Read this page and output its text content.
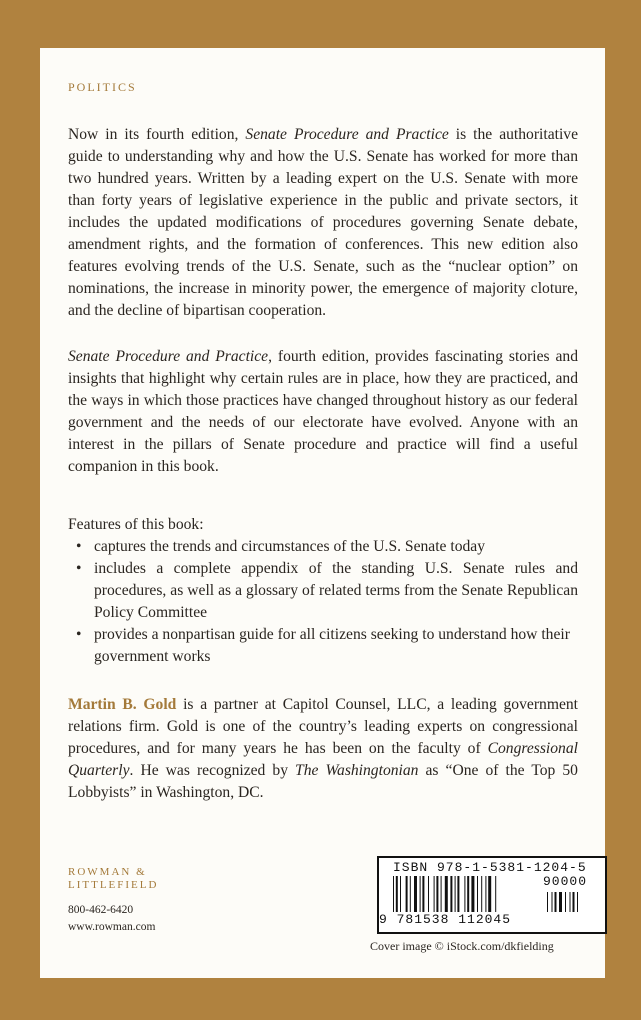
POLITICS

Now in its fourth edition, Senate Procedure and Practice is the authoritative guide to understanding why and how the U.S. Senate has worked for more than two hundred years. Written by a leading expert on the U.S. Senate with more than forty years of legislative experience in the public and private sectors, it includes the updated modifications of procedures governing Senate debate, amendment rights, and the formation of conferences. This new edition also features evolving trends of the U.S. Senate, such as the “nuclear option” on nominations, the increase in minority power, the emergence of majority cloture, and the decline of bipartisan cooperation.

Senate Procedure and Practice, fourth edition, provides fascinating stories and insights that highlight why certain rules are in place, how they are practiced, and the ways in which those practices have changed throughout history as our federal government and the needs of our electorate have evolved. Anyone with an interest in the pillars of Senate procedure and practice will find a useful companion in this book.

Features of this book:
• captures the trends and circumstances of the U.S. Senate today
• includes a complete appendix of the standing U.S. Senate rules and procedures, as well as a glossary of related terms from the Senate Republican Policy Committee
• provides a nonpartisan guide for all citizens seeking to understand how their government works

Martin B. Gold is a partner at Capitol Counsel, LLC, a leading government relations firm. Gold is one of the country’s leading experts on congressional procedures, and for many years he has been on the faculty of Congressional Quarterly. He was recognized by The Washingtonian as “One of the Top 50 Lobbyists” in Washington, DC.

ROWMAN &
LITTLEFIELD
800-462-6420
www.rowman.com
ISBN 978-1-5381-1204-5
9 781538 112045
90000
Cover image © iStock.com/dkfielding
